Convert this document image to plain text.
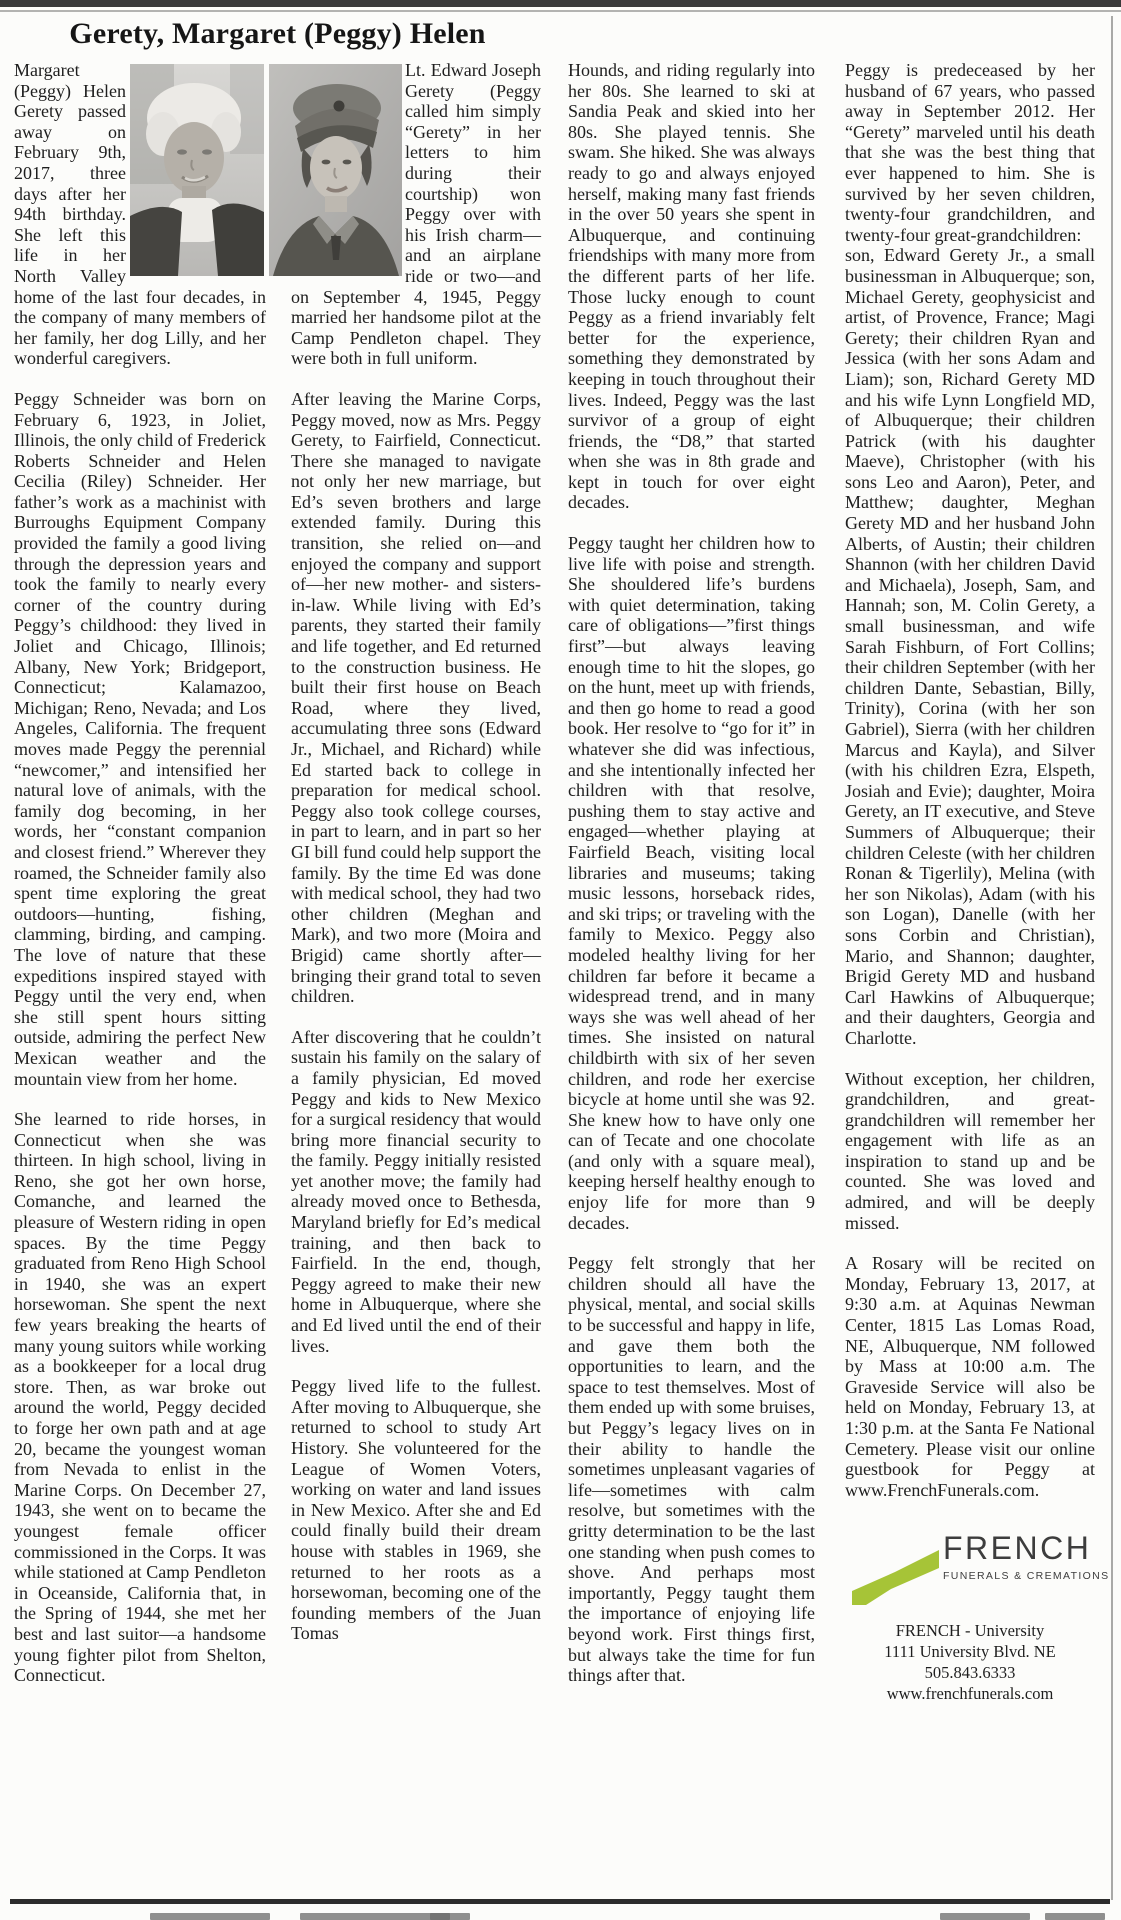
Gerety, Margaret (Peggy) Helen

Margaret (Peggy) Helen Gerety passed away on February 9th, 2017, three days after her 94th birthday. She left this life in her North Valley home of the last four decades, in the company of many members of her family, her dog Lilly, and her wonderful caregivers.

Peggy Schneider was born on February 6, 1923, in Joliet, Illinois, the only child of Frederick Roberts Schneider and Helen Cecilia (Riley) Schneider. Her father’s work as a machinist with Burroughs Equipment Company provided the family a good living through the depression years and took the family to nearly every corner of the country during Peggy’s childhood: they lived in Joliet and Chicago, Illinois; Albany, New York; Bridgeport, Connecticut; Kalamazoo, Michigan; Reno, Nevada; and Los Angeles, California. The frequent moves made Peggy the perennial “newcomer,” and intensified her natural love of animals, with the family dog becoming, in her words, her “constant companion and closest friend.” Wherever they roamed, the Schneider family also spent time exploring the great outdoors—hunting, fishing, clamming, birding, and camping. The love of nature that these expeditions inspired stayed with Peggy until the very end, when she still spent hours sitting outside, admiring the perfect New Mexican weather and the mountain view from her home.

She learned to ride horses, in Connecticut when she was thirteen. In high school, living in Reno, she got her own horse, Comanche, and learned the pleasure of Western riding in open spaces. By the time Peggy graduated from Reno High School in 1940, she was an expert horsewoman. She spent the next few years breaking the hearts of many young suitors while working as a bookkeeper for a local drug store. Then, as war broke out around the world, Peggy decided to forge her own path and at age 20, became the youngest woman from Nevada to enlist in the Marine Corps. On December 27, 1943, she went on to became the youngest female officer commissioned in the Corps. It was while stationed at Camp Pendleton in Oceanside, California that, in the Spring of 1944, she met her best and last suitor—a handsome young fighter pilot from Shelton, Connecticut.

Lt. Edward Joseph Gerety (Peggy called him simply “Gerety” in her letters to him during their courtship) won Peggy over with his Irish charm—and an airplane ride or two—and on September 4, 1945, Peggy married her handsome pilot at the Camp Pendleton chapel. They were both in full uniform.

After leaving the Marine Corps, Peggy moved, now as Mrs. Peggy Gerety, to Fairfield, Connecticut. There she managed to navigate not only her new marriage, but Ed’s seven brothers and large extended family. During this transition, she relied on—and enjoyed the company and support of—her new mother- and sisters-in-law. While living with Ed’s parents, they started their family and life together, and Ed returned to the construction business. He built their first house on Beach Road, where they lived, accumulating three sons (Edward Jr., Michael, and Richard) while Ed started back to college in preparation for medical school. Peggy also took college courses, in part to learn, and in part so her GI bill fund could help support the family. By the time Ed was done with medical school, they had two other children (Meghan and Mark), and two more (Moira and Brigid) came shortly after—bringing their grand total to seven children.

After discovering that he couldn’t sustain his family on the salary of a family physician, Ed moved Peggy and kids to New Mexico for a surgical residency that would bring more financial security to the family. Peggy initially resisted yet another move; the family had already moved once to Bethesda, Maryland briefly for Ed’s medical training, and then back to Fairfield. In the end, though, Peggy agreed to make their new home in Albuquerque, where she and Ed lived until the end of their lives.

Peggy lived life to the fullest. After moving to Albuquerque, she returned to school to study Art History. She volunteered for the League of Women Voters, working on water and land issues in New Mexico. After she and Ed could finally build their dream house with stables in 1969, she returned to her roots as a horsewoman, becoming one of the founding members of the Juan Tomas

Hounds, and riding regularly into her 80s. She learned to ski at Sandia Peak and skied into her 80s. She played tennis. She swam. She hiked. She was always ready to go and always enjoyed herself, making many fast friends in the over 50 years she spent in Albuquerque, and continuing friendships with many more from the different parts of her life. Those lucky enough to count Peggy as a friend invariably felt better for the experience, something they demonstrated by keeping in touch throughout their lives. Indeed, Peggy was the last survivor of a group of eight friends, the “D8,” that started when she was in 8th grade and kept in touch for over eight decades.

Peggy taught her children how to live life with poise and strength. She shouldered life’s burdens with quiet determination, taking care of obligations—”first things first”—but always leaving enough time to hit the slopes, go on the hunt, meet up with friends, and then go home to read a good book. Her resolve to “go for it” in whatever she did was infectious, and she intentionally infected her children with that resolve, pushing them to stay active and engaged—whether playing at Fairfield Beach, visiting local libraries and museums; taking music lessons, horseback rides, and ski trips; or traveling with the family to Mexico. Peggy also modeled healthy living for her children far before it became a widespread trend, and in many ways she was well ahead of her times. She insisted on natural childbirth with six of her seven children, and rode her exercise bicycle at home until she was 92. She knew how to have only one can of Tecate and one chocolate (and only with a square meal), keeping herself healthy enough to enjoy life for more than 9 decades.

Peggy felt strongly that her children should all have the physical, mental, and social skills to be successful and happy in life, and gave them both the opportunities to learn, and the space to test themselves. Most of them ended up with some bruises, but Peggy’s legacy lives on in their ability to handle the sometimes unpleasant vagaries of life—sometimes with calm resolve, but sometimes with the gritty determination to be the last one standing when push comes to shove. And perhaps most importantly, Peggy taught them the importance of enjoying life beyond work. First things first, but always take the time for fun things after that.

Peggy is predeceased by her husband of 67 years, who passed away in September 2012. Her “Gerety” marveled until his death that she was the best thing that ever happened to him. She is survived by her seven children, twenty-four grandchildren, and twenty-four great-grandchildren:

son, Edward Gerety Jr., a small businessman in Albuquerque; son, Michael Gerety, geophysicist and artist, of Provence, France; Magi Gerety; their children Ryan and Jessica (with her sons Adam and Liam); son, Richard Gerety MD and his wife Lynn Longfield MD, of Albuquerque; their children Patrick (with his daughter Maeve), Christopher (with his sons Leo and Aaron), Peter, and Matthew; daughter, Meghan Gerety MD and her husband John Alberts, of Austin; their children Shannon (with her children David and Michaela), Joseph, Sam, and Hannah; son, M. Colin Gerety, a small businessman, and wife Sarah Fishburn, of Fort Collins; their children September (with her children Dante, Sebastian, Billy, Trinity), Corina (with her son Gabriel), Sierra (with her children Marcus and Kayla), and Silver (with his children Ezra, Elspeth, Josiah and Evie); daughter, Moira Gerety, an IT executive, and Steve Summers of Albuquerque; their children Celeste (with her children Ronan & Tigerlily), Melina (with her son Nikolas), Adam (with his son Logan), Danelle (with her sons Corbin and Christian), Mario, and Shannon; daughter, Brigid Gerety MD and husband Carl Hawkins of Albuquerque; and their daughters, Georgia and Charlotte.

Without exception, her children, grandchildren, and great-grandchildren will remember her engagement with life as an inspiration to stand up and be counted. She was loved and admired, and will be deeply missed.

A Rosary will be recited on Monday, February 13, 2017, at 9:30 a.m. at Aquinas Newman Center, 1815 Las Lomas Road, NE, Albuquerque, NM followed by Mass at 10:00 a.m. The Graveside Service will also be held on Monday, February 13, at 1:30 p.m. at the Santa Fe National Cemetery. Please visit our online guestbook for Peggy at www.FrenchFunerals.com.

FRENCH
FUNERALS & CREMATIONS
FRENCH - University
1111 University Blvd. NE
505.843.6333
www.frenchfunerals.com
